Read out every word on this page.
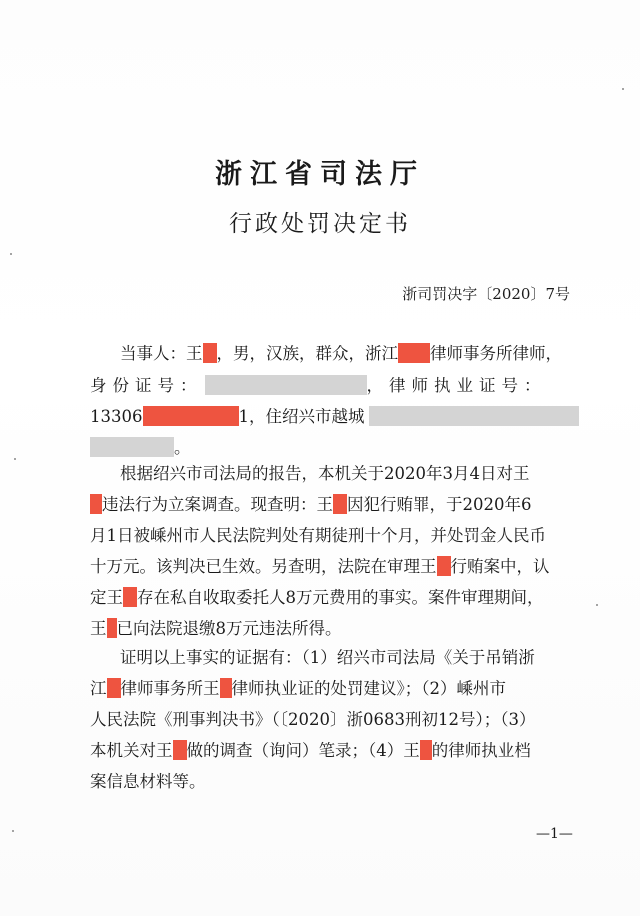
浙江省司法厅
行政处罚决定书
浙司罚决字〔2020〕7号
当事人：王 ，男，汉族，群众，浙江 律师事务所律师，
身份证号：	，律师执业证号：
13306	1，住绍兴市越城
。
根据绍兴市司法局的报告，本机关于2020年3月4日对王
违法行为立案调查。现查明：王 因犯行贿罪，于2020年6
月1日被嵊州市人民法院判处有期徒刑十个月，并处罚金人民币
十万元。该判决已生效。另查明，法院在审理王 行贿案中，认
定王 存在私自收取委托人8万元费用的事实。案件审理期间，
王 已向法院退缴8万元违法所得。
证明以上事实的证据有：（1）绍兴市司法局《关于吊销浙
江 律师事务所王 律师执业证的处罚建议》；（2）嵊州市
人民法院《刑事判决书》（〔2020〕浙0683刑初12号）；（3）
本机关对王 做的调查（询问）笔录；（4）王 的律师执业档
案信息材料等。
—1—
